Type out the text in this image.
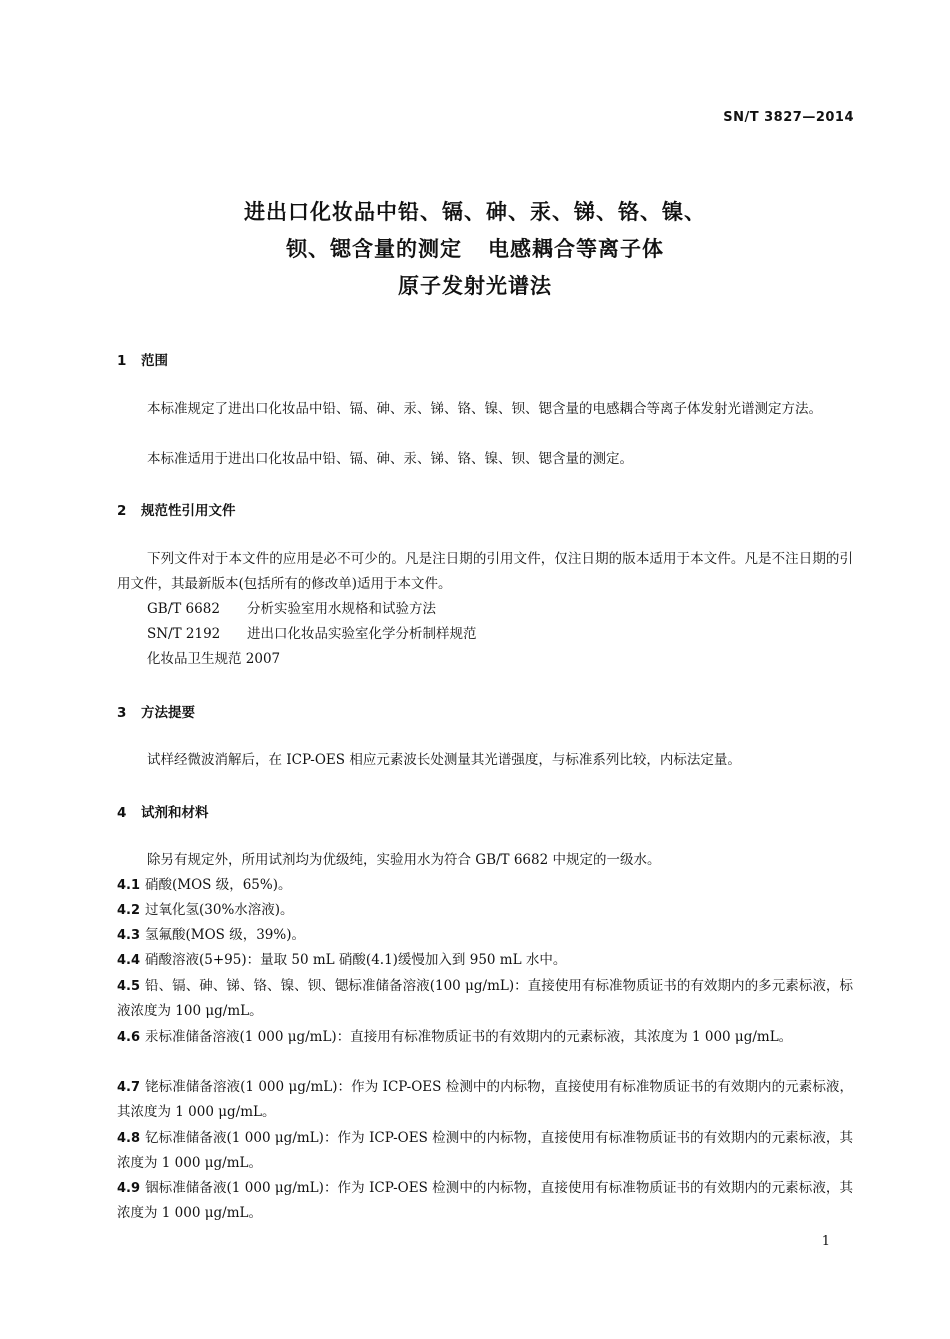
SN/T 3827—2014
进出口化妆品中铅、镉、砷、汞、锑、铬、镍、
钡、锶含量的测定 电感耦合等离子体
原子发射光谱法
1 范围
本标准规定了进出口化妆品中铅、镉、砷、汞、锑、铬、镍、钡、锶含量的电感耦合等离子体发射光谱测定方法。
本标准适用于进出口化妆品中铅、镉、砷、汞、锑、铬、镍、钡、锶含量的测定。
2 规范性引用文件
下列文件对于本文件的应用是必不可少的。凡是注日期的引用文件，仅注日期的版本适用于本文件。凡是不注日期的引用文件，其最新版本(包括所有的修改单)适用于本文件。
GB/T 6682 分析实验室用水规格和试验方法
SN/T 2192 进出口化妆品实验室化学分析制样规范
化妆品卫生规范 2007
3 方法提要
试样经微波消解后，在 ICP-OES 相应元素波长处测量其光谱强度，与标准系列比较，内标法定量。
4 试剂和材料
除另有规定外，所用试剂均为优级纯，实验用水为符合 GB/T 6682 中规定的一级水。
4.1 硝酸(MOS 级，65%)。
4.2 过氧化氢(30%水溶液)。
4.3 氢氟酸(MOS 级，39%)。
4.4 硝酸溶液(5+95)：量取 50 mL 硝酸(4.1)缓慢加入到 950 mL 水中。
4.5 铅、镉、砷、锑、铬、镍、钡、锶标准储备溶液(100 μg/mL)：直接使用有标准物质证书的有效期内的多元素标液，标液浓度为 100 μg/mL。
4.6 汞标准储备溶液(1 000 μg/mL)：直接用有标准物质证书的有效期内的元素标液，其浓度为 1 000 μg/mL。
4.7 铑标准储备溶液(1 000 μg/mL)：作为 ICP-OES 检测中的内标物，直接使用有标准物质证书的有效期内的元素标液，其浓度为 1 000 μg/mL。
4.8 钇标准储备液(1 000 μg/mL)：作为 ICP-OES 检测中的内标物，直接使用有标准物质证书的有效期内的元素标液，其浓度为 1 000 μg/mL。
4.9 铟标准储备液(1 000 μg/mL)：作为 ICP-OES 检测中的内标物，直接使用有标准物质证书的有效期内的元素标液，其浓度为 1 000 μg/mL。
1
